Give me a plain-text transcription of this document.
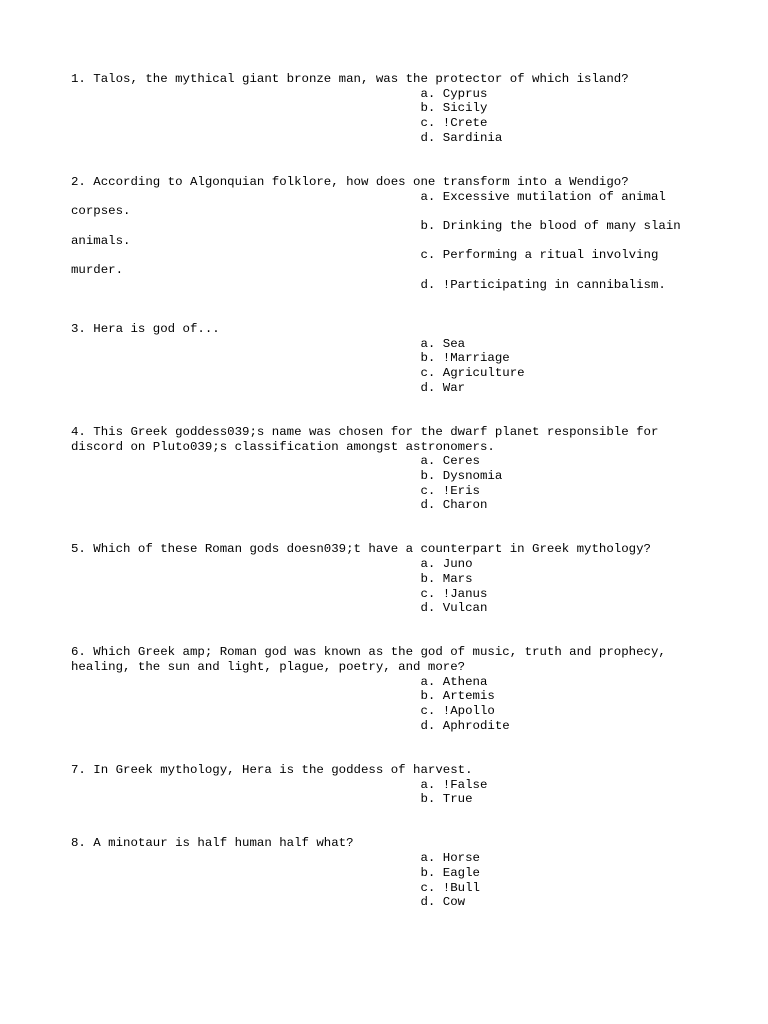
1. Talos, the mythical giant bronze man, was the protector of which island?
a. Cyprus
b. Sicily
c. !Crete
d. Sardinia
2. According to Algonquian folklore, how does one transform into a Wendigo?
a. Excessive mutilation of animal
corpses.
b. Drinking the blood of many slain
animals.
c. Performing a ritual involving
murder.
d. !Participating in cannibalism.
3. Hera is god of...
a. Sea
b. !Marriage
c. Agriculture
d. War
4. This Greek goddess039;s name was chosen for the dwarf planet responsible for
discord on Pluto039;s classification amongst astronomers.
a. Ceres
b. Dysnomia
c. !Eris
d. Charon
5. Which of these Roman gods doesn039;t have a counterpart in Greek mythology?
a. Juno
b. Mars
c. !Janus
d. Vulcan
6. Which Greek amp; Roman god was known as the god of music, truth and prophecy,
healing, the sun and light, plague, poetry, and more?
a. Athena
b. Artemis
c. !Apollo
d. Aphrodite
7. In Greek mythology, Hera is the goddess of harvest.
a. !False
b. True
8. A minotaur is half human half what?
a. Horse
b. Eagle
c. !Bull
d. Cow
